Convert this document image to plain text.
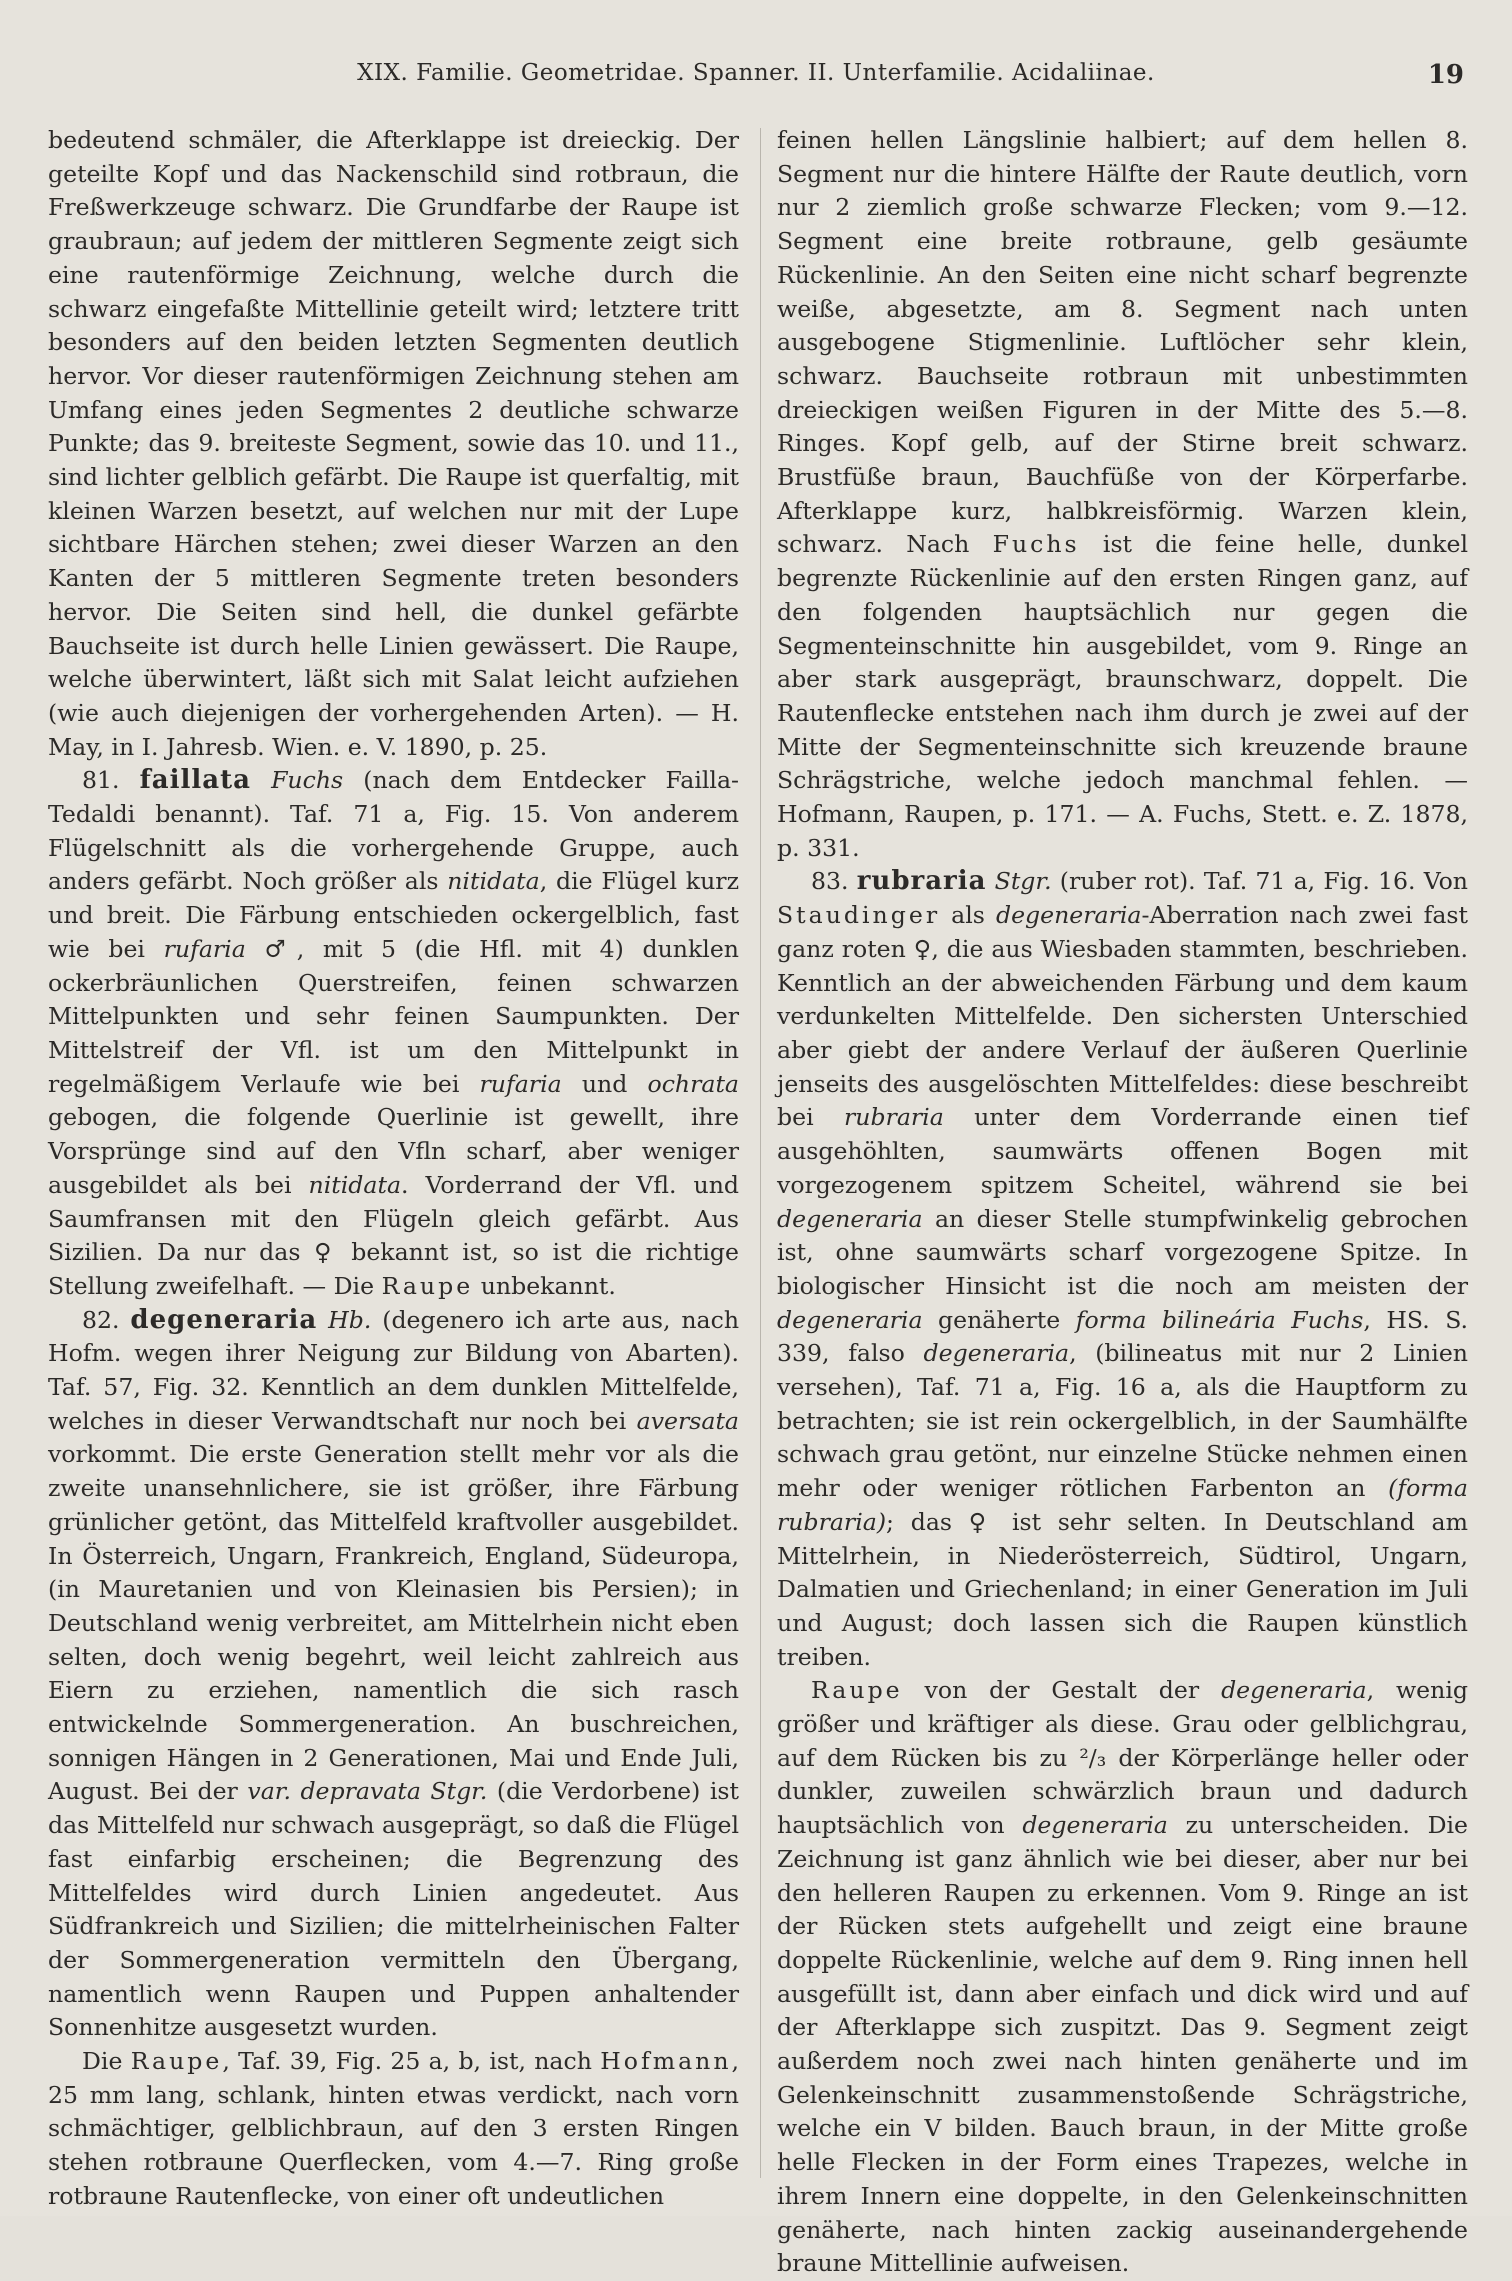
XIX. Familie. Geometridae. Spanner. II. Unterfamilie. Acidaliinae.	19

bedeutend schmäler, die Afterklappe ist dreieckig. Der geteilte Kopf und das Nackenschild sind rotbraun, die Freßwerkzeuge schwarz. Die Grundfarbe der Raupe ist graubraun; auf jedem der mittleren Segmente zeigt sich eine rautenförmige Zeichnung, welche durch die schwarz eingefaßte Mittellinie geteilt wird; letztere tritt besonders auf den beiden letzten Segmenten deutlich hervor. Vor dieser rautenförmigen Zeichnung stehen am Umfang eines jeden Segmentes 2 deutliche schwarze Punkte; das 9. breiteste Segment, sowie das 10. und 11., sind lichter gelblich gefärbt. Die Raupe ist querfaltig, mit kleinen Warzen besetzt, auf welchen nur mit der Lupe sichtbare Härchen stehen; zwei dieser Warzen an den Kanten der 5 mittleren Segmente treten besonders hervor. Die Seiten sind hell, die dunkel gefärbte Bauchseite ist durch helle Linien gewässert. Die Raupe, welche überwintert, läßt sich mit Salat leicht aufziehen (wie auch diejenigen der vorhergehenden Arten). — H. May, in I. Jahresb. Wien. e. V. 1890, p. 25.

81. faillata Fuchs (nach dem Entdecker Failla-Tedaldi benannt). Taf. 71 a, Fig. 15. Von anderem Flügelschnitt als die vorhergehende Gruppe, auch anders gefärbt. Noch größer als nitidata, die Flügel kurz und breit. Die Färbung entschieden ockergelblich, fast wie bei rufaria ♂, mit 5 (die Hfl. mit 4) dunklen ockerbräunlichen Querstreifen, feinen schwarzen Mittelpunkten und sehr feinen Saumpunkten. Der Mittelstreif der Vfl. ist um den Mittelpunkt in regelmäßigem Verlaufe wie bei rufaria und ochrata gebogen, die folgende Querlinie ist gewellt, ihre Vorsprünge sind auf den Vfln scharf, aber weniger ausgebildet als bei nitidata. Vorderrand der Vfl. und Saumfransen mit den Flügeln gleich gefärbt. Aus Sizilien. Da nur das ♀ bekannt ist, so ist die richtige Stellung zweifelhaft. — Die Raupe unbekannt.

82. degeneraria Hb. (degenero ich arte aus, nach Hofm. wegen ihrer Neigung zur Bildung von Abarten). Taf. 57, Fig. 32. Kenntlich an dem dunklen Mittelfelde, welches in dieser Verwandtschaft nur noch bei aversata vorkommt. Die erste Generation stellt mehr vor als die zweite unansehnlichere, sie ist größer, ihre Färbung grünlicher getönt, das Mittelfeld kraftvoller ausgebildet. In Österreich, Ungarn, Frankreich, England, Südeuropa, (in Mauretanien und von Kleinasien bis Persien); in Deutschland wenig verbreitet, am Mittelrhein nicht eben selten, doch wenig begehrt, weil leicht zahlreich aus Eiern zu erziehen, namentlich die sich rasch entwickelnde Sommergeneration. An buschreichen, sonnigen Hängen in 2 Generationen, Mai und Ende Juli, August. Bei der var. depravata Stgr. (die Verdorbene) ist das Mittelfeld nur schwach ausgeprägt, so daß die Flügel fast einfarbig erscheinen; die Begrenzung des Mittelfeldes wird durch Linien angedeutet. Aus Südfrankreich und Sizilien; die mittelrheinischen Falter der Sommergeneration vermitteln den Übergang, namentlich wenn Raupen und Puppen anhaltender Sonnenhitze ausgesetzt wurden.

Die Raupe, Taf. 39, Fig. 25 a, b, ist, nach Hofmann, 25 mm lang, schlank, hinten etwas verdickt, nach vorn schmächtiger, gelblichbraun, auf den 3 ersten Ringen stehen rotbraune Querflecken, vom 4.—7. Ring große rotbraune Rautenflecke, von einer oft undeutlichen

feinen hellen Längslinie halbiert; auf dem hellen 8. Segment nur die hintere Hälfte der Raute deutlich, vorn nur 2 ziemlich große schwarze Flecken; vom 9.—12. Segment eine breite rotbraune, gelb gesäumte Rückenlinie. An den Seiten eine nicht scharf begrenzte weiße, abgesetzte, am 8. Segment nach unten ausgebogene Stigmenlinie. Luftlöcher sehr klein, schwarz. Bauchseite rotbraun mit unbestimmten dreieckigen weißen Figuren in der Mitte des 5.—8. Ringes. Kopf gelb, auf der Stirne breit schwarz. Brustfüße braun, Bauchfüße von der Körperfarbe. Afterklappe kurz, halbkreisförmig. Warzen klein, schwarz. Nach Fuchs ist die feine helle, dunkel begrenzte Rückenlinie auf den ersten Ringen ganz, auf den folgenden hauptsächlich nur gegen die Segmenteinschnitte hin ausgebildet, vom 9. Ringe an aber stark ausgeprägt, braunschwarz, doppelt. Die Rautenflecke entstehen nach ihm durch je zwei auf der Mitte der Segmenteinschnitte sich kreuzende braune Schrägstriche, welche jedoch manchmal fehlen. — Hofmann, Raupen, p. 171. — A. Fuchs, Stett. e. Z. 1878, p. 331.

83. rubraria Stgr. (ruber rot). Taf. 71 a, Fig. 16. Von Staudinger als degeneraria-Aberration nach zwei fast ganz roten ♀, die aus Wiesbaden stammten, beschrieben. Kenntlich an der abweichenden Färbung und dem kaum verdunkelten Mittelfelde. Den sichersten Unterschied aber giebt der andere Verlauf der äußeren Querlinie jenseits des ausgelöschten Mittelfeldes: diese beschreibt bei rubraria unter dem Vorderrande einen tief ausgehöhlten, saumwärts offenen Bogen mit vorgezogenem spitzem Scheitel, während sie bei degeneraria an dieser Stelle stumpfwinkelig gebrochen ist, ohne saumwärts scharf vorgezogene Spitze. In biologischer Hinsicht ist die noch am meisten der degeneraria genäherte forma bilineária Fuchs, HS. S. 339, falso degeneraria, (bilineatus mit nur 2 Linien versehen), Taf. 71 a, Fig. 16 a, als die Hauptform zu betrachten; sie ist rein ockergelblich, in der Saumhälfte schwach grau getönt, nur einzelne Stücke nehmen einen mehr oder weniger rötlichen Farbenton an (forma rubraria); das ♀ ist sehr selten. In Deutschland am Mittelrhein, in Niederösterreich, Südtirol, Ungarn, Dalmatien und Griechenland; in einer Generation im Juli und August; doch lassen sich die Raupen künstlich treiben.

Raupe von der Gestalt der degeneraria, wenig größer und kräftiger als diese. Grau oder gelblichgrau, auf dem Rücken bis zu ²/₃ der Körperlänge heller oder dunkler, zuweilen schwärzlich braun und dadurch hauptsächlich von degeneraria zu unterscheiden. Die Zeichnung ist ganz ähnlich wie bei dieser, aber nur bei den helleren Raupen zu erkennen. Vom 9. Ringe an ist der Rücken stets aufgehellt und zeigt eine braune doppelte Rückenlinie, welche auf dem 9. Ring innen hell ausgefüllt ist, dann aber einfach und dick wird und auf der Afterklappe sich zuspitzt. Das 9. Segment zeigt außerdem noch zwei nach hinten genäherte und im Gelenkeinschnitt zusammenstoßende Schrägstriche, welche ein V bilden. Bauch braun, in der Mitte große helle Flecken in der Form eines Trapezes, welche in ihrem Innern eine doppelte, in den Gelenkeinschnitten genäherte, nach hinten zackig auseinandergehende braune Mittellinie aufweisen.
